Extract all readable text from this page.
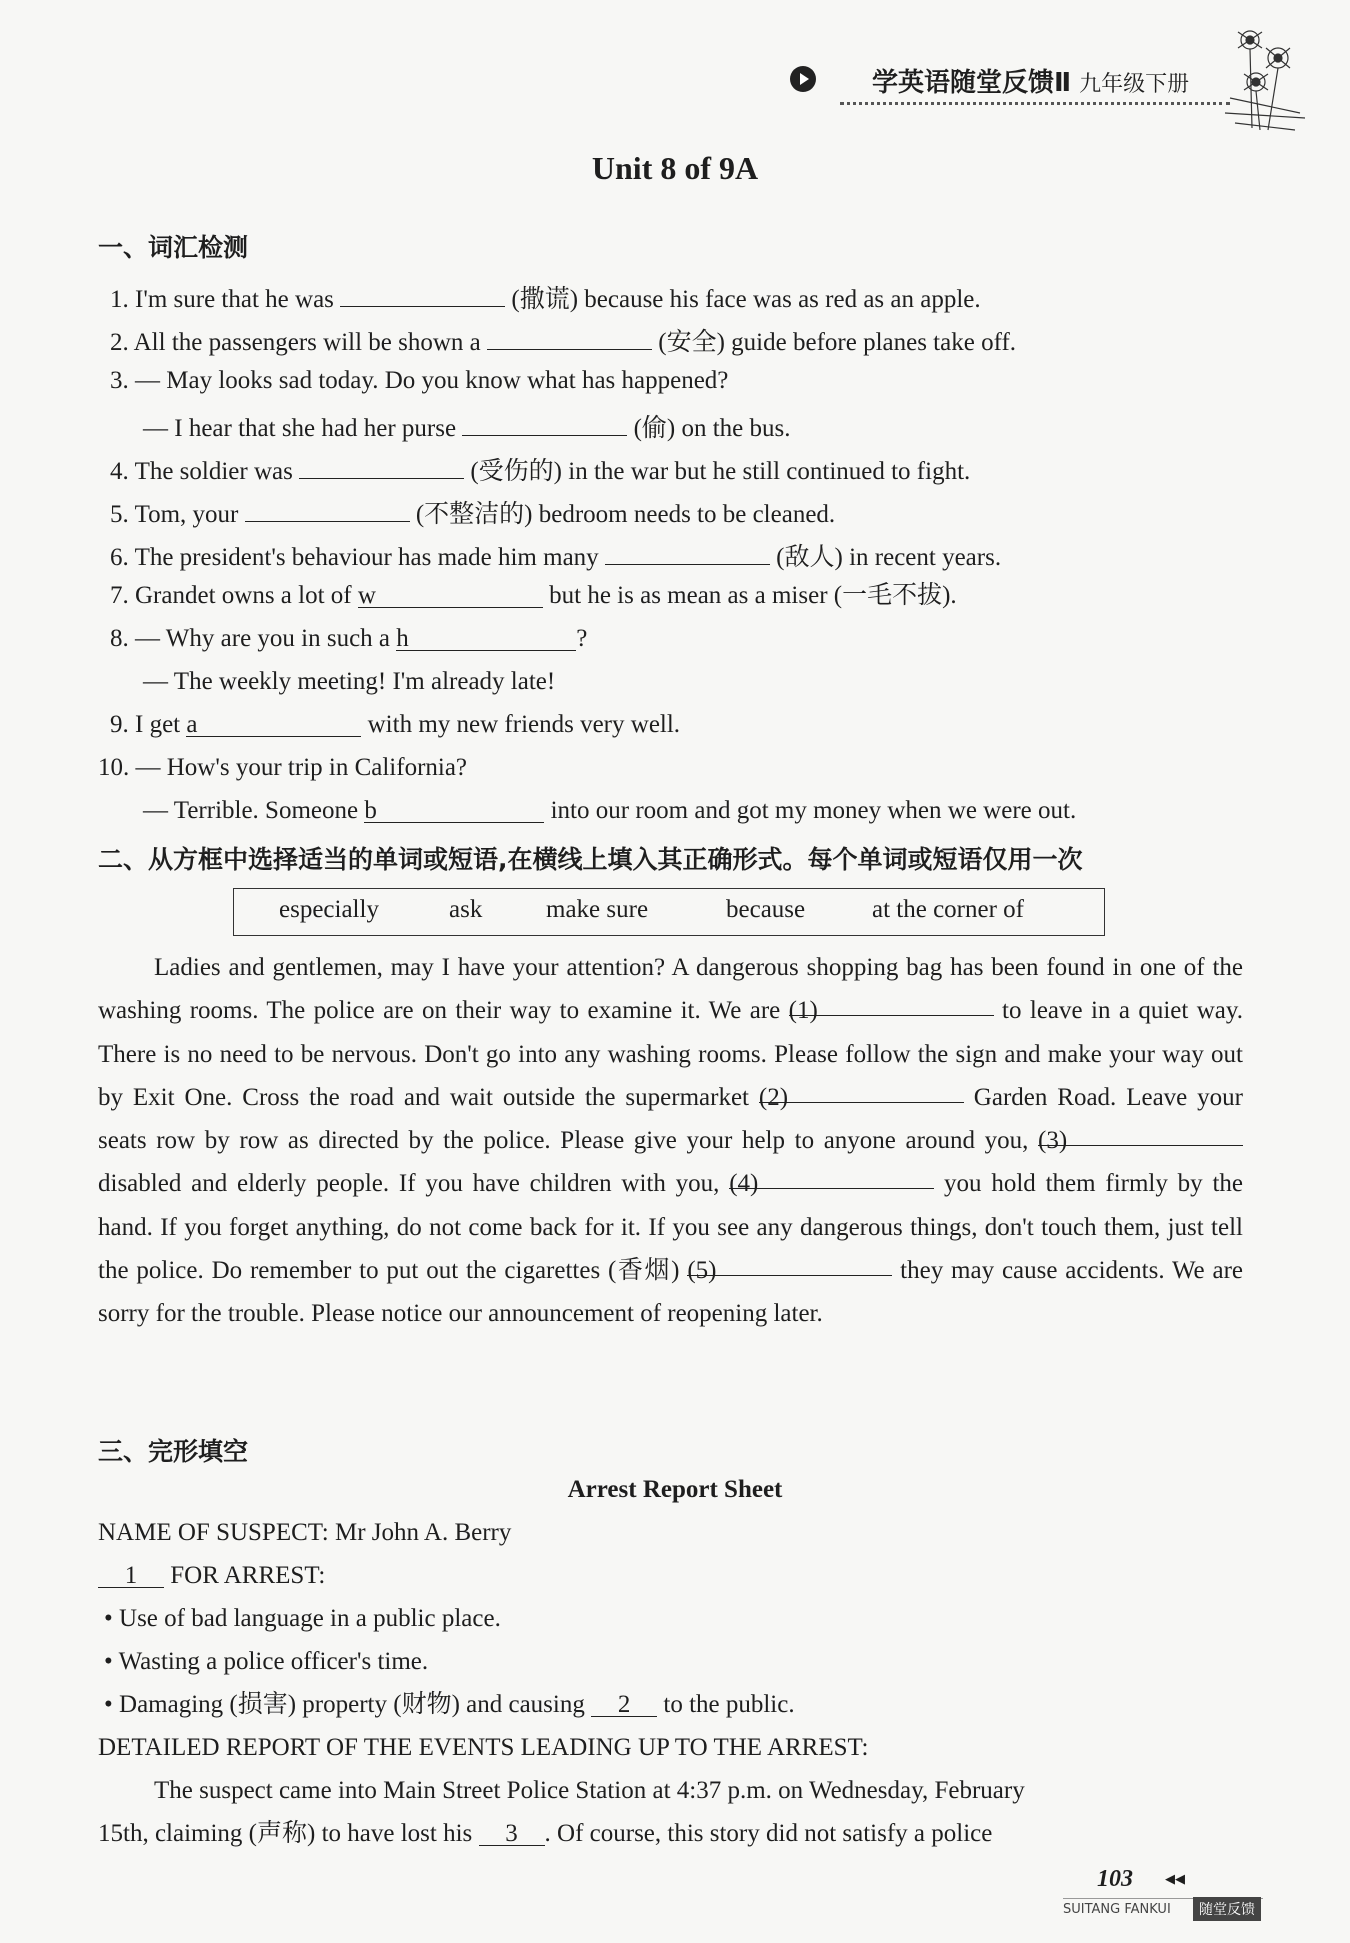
学英语随堂反馈Ⅱ 九年级下册
Unit 8 of 9A
一、词汇检测
1. I'm sure that he was	(撒谎) because his face was as red as an apple.
2. All the passengers will be shown a	(安全) guide before planes take off.
3. — May looks sad today. Do you know what has happened?
— I hear that she had her purse	(偷) on the bus.
4. The soldier was	(受伤的) in the war but he still continued to fight.
5. Tom, your	(不整洁的) bedroom needs to be cleaned.
6. The president's behaviour has made him many	(敌人) in recent years.
7. Grandet owns a lot of w	but he is as mean as a miser (一毛不拔).
8. — Why are you in such a h	?
— The weekly meeting! I'm already late!
9. I get a	with my new friends very well.
10. — How's your trip in California?
— Terrible. Someone b	into our room and got my money when we were out.
二、从方框中选择适当的单词或短语,在横线上填入其正确形式。每个单词或短语仅用一次
especially	ask	make sure	because	at the corner of
Ladies and gentlemen, may I have your attention? A dangerous shopping bag has been found in one of the washing rooms. The police are on their way to examine it. We are (1)	to leave in a quiet way. There is no need to be nervous. Don't go into any washing rooms. Please follow the sign and make your way out by Exit One. Cross the road and wait outside the supermarket (2)	Garden Road. Leave your seats row by row as directed by the police. Please give your help to anyone around you, (3) disabled and elderly people. If you have children with you, (4)	you hold them firmly by the hand. If you forget anything, do not come back for it. If you see any dangerous things, don't touch them, just tell the police. Do remember to put out the cigarettes (香烟) (5)	they may cause accidents. We are sorry for the trouble. Please notice our announcement of reopening later.
三、完形填空
Arrest Report Sheet
NAME OF SUSPECT: Mr John A. Berry
1 FOR ARREST:
• Use of bad language in a public place.
• Wasting a police officer's time.
• Damaging (损害) property (财物) and causing 2 to the public.
DETAILED REPORT OF THE EVENTS LEADING UP TO THE ARREST:
The suspect came into Main Street Police Station at 4:37 p.m. on Wednesday, February
15th, claiming (声称) to have lost his 3 . Of course, this story did not satisfy a police
103 ◀◀
SUITANG FANKUI	随堂反馈
